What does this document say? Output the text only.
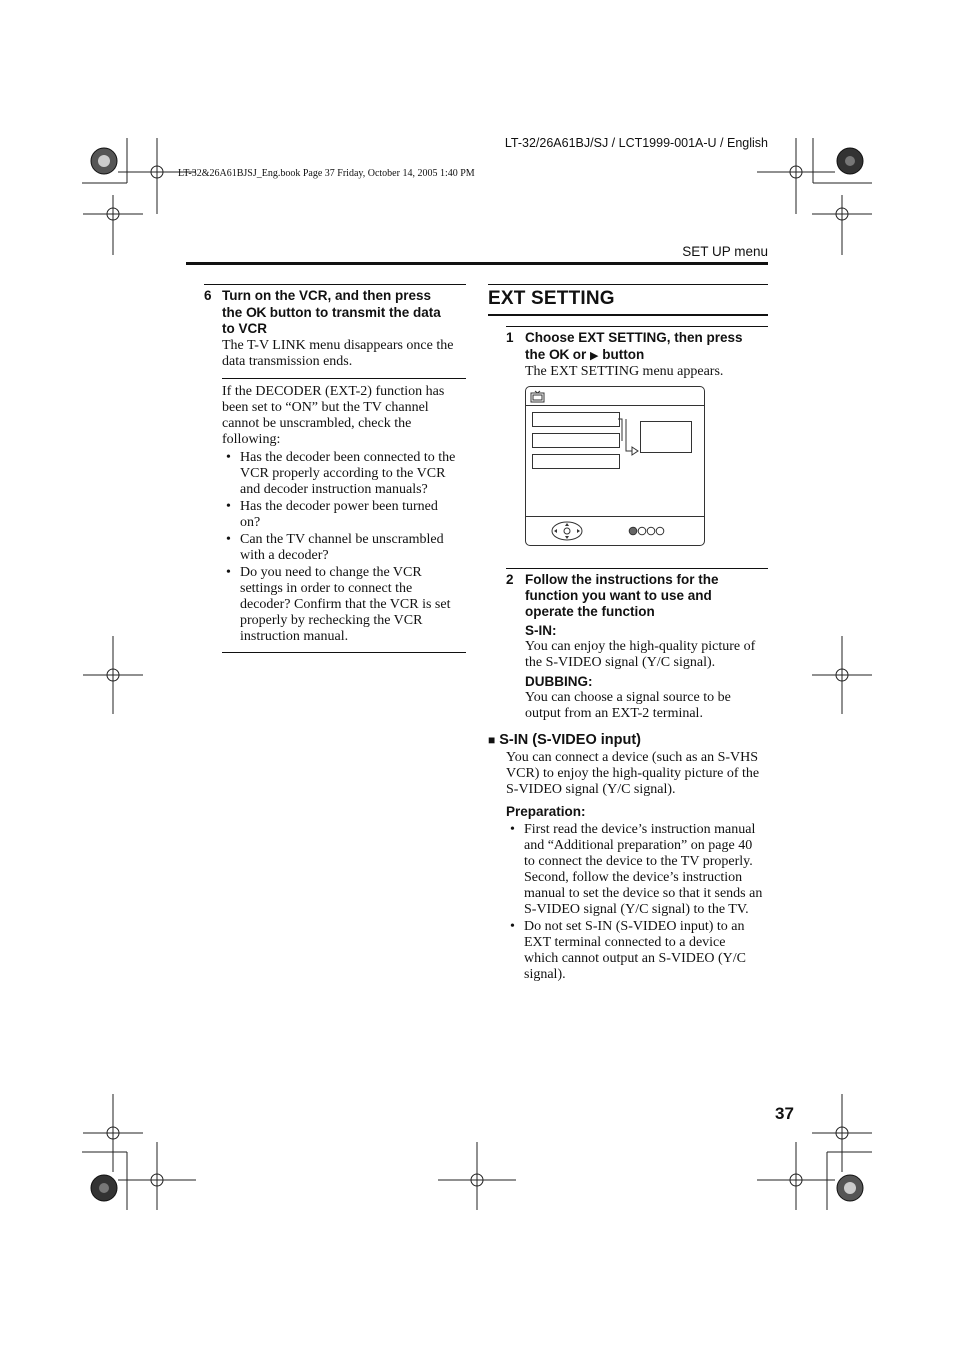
LT-32/26A61BJ/SJ / LCT1999-001A-U / English
LT-32&26A61BJSJ_Eng.book Page 37 Friday, October 14, 2005 1:40 PM
SET UP menu
6 Turn on the VCR, and then press
the OK button to transmit the data
to VCR
The T-V LINK menu disappears once the
data transmission ends.
If the DECODER (EXT-2) function has
been set to “ON” but the TV channel
cannot be unscrambled, check the
following:
• Has the decoder been connected to the
VCR properly according to the VCR
and decoder instruction manuals?
• Has the decoder power been turned
on?
• Can the TV channel be unscrambled
with a decoder?
• Do you need to change the VCR
settings in order to connect the
decoder? Confirm that the VCR is set
properly by rechecking the VCR
instruction manual.
EXT SETTING
1 Choose EXT SETTING, then press
the OK or ▶ button
The EXT SETTING menu appears.
2 Follow the instructions for the
function you want to use and
operate the function
S-IN:
You can enjoy the high-quality picture of
the S-VIDEO signal (Y/C signal).
DUBBING:
You can choose a signal source to be
output from an EXT-2 terminal.
■ S-IN (S-VIDEO input)
You can connect a device (such as an S-VHS
VCR) to enjoy the high-quality picture of the
S-VIDEO signal (Y/C signal).
Preparation:
• First read the device’s instruction manual
and “Additional preparation” on page 40
to connect the device to the TV properly.
Second, follow the device’s instruction
manual to set the device so that it sends an
S-VIDEO signal (Y/C signal) to the TV.
• Do not set S-IN (S-VIDEO input) to an
EXT terminal connected to a device
which cannot output an S-VIDEO (Y/C
signal).
37
